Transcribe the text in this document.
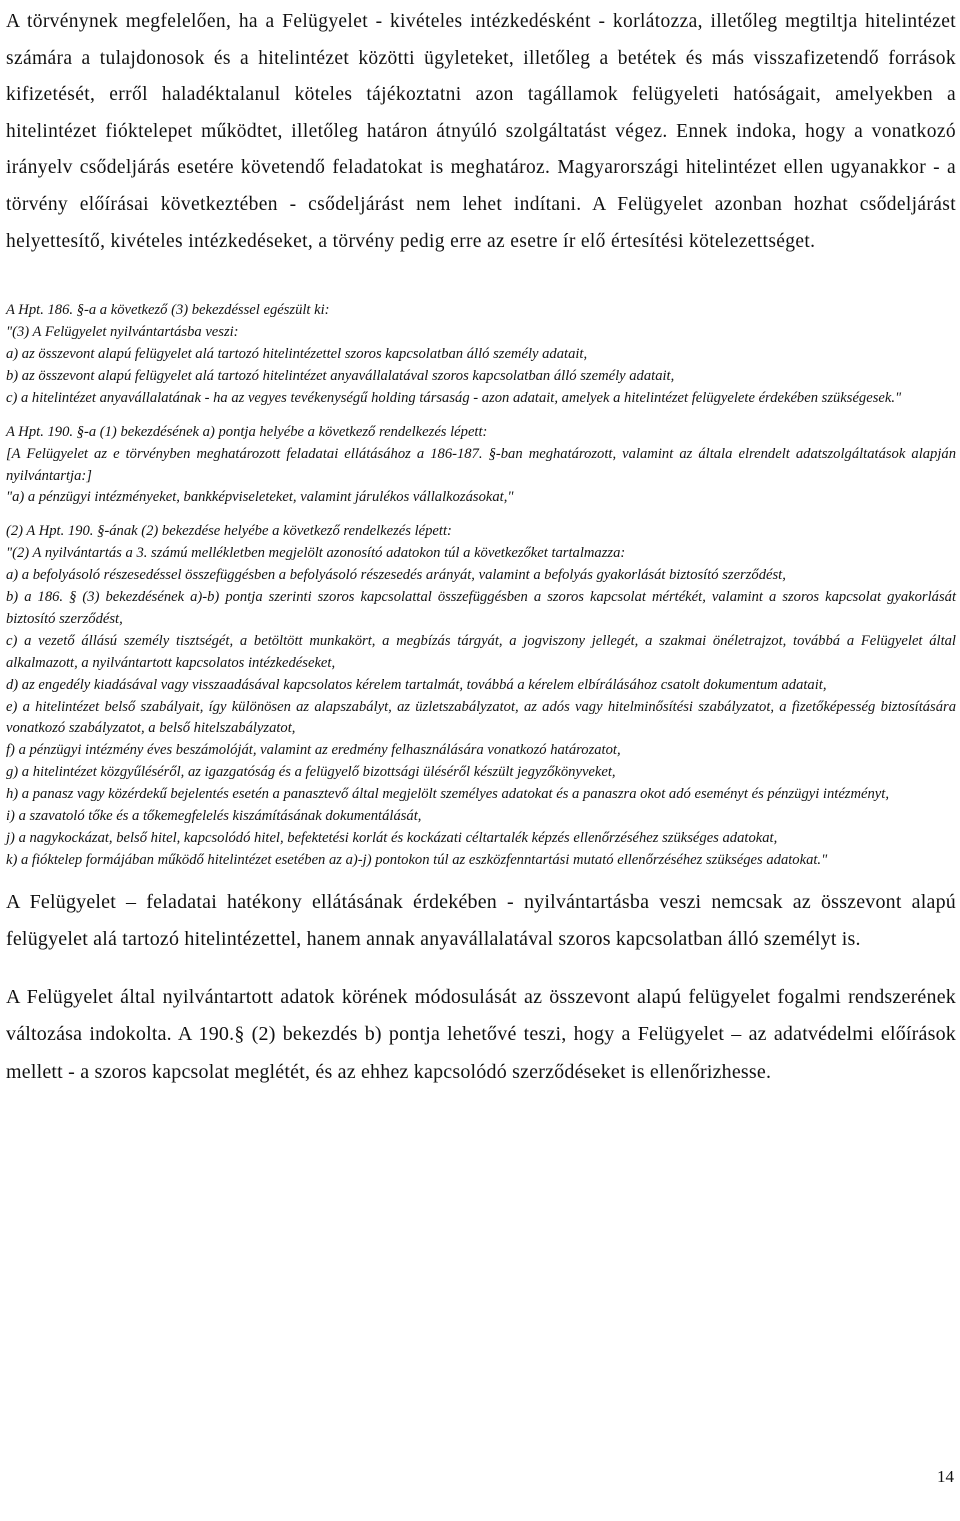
A törvénynek megfelelően, ha a Felügyelet - kivételes intézkedésként - korlátozza, illetőleg megtiltja hitelintézet számára a tulajdonosok és a hitelintézet közötti ügyleteket, illetőleg a betétek és más visszafizetendő források kifizetését, erről haladéktalanul köteles tájékoztatni azon tagállamok felügyeleti hatóságait, amelyekben a hitelintézet fióktelepet működtet, illetőleg határon átnyúló szolgáltatást végez. Ennek indoka, hogy a vonatkozó irányelv csődeljárás esetére követendő feladatokat is meghatároz. Magyarországi hitelintézet ellen ugyanakkor - a törvény előírásai következtében - csődeljárást nem lehet indítani. A Felügyelet azonban hozhat csődeljárást helyettesítő, kivételes intézkedéseket, a törvény pedig erre az esetre ír elő értesítési kötelezettséget.

A Hpt. 186. §-a a következő (3) bekezdéssel egészült ki:

"(3) A Felügyelet nyilvántartásba veszi:

a) az összevont alapú felügyelet alá tartozó hitelintézettel szoros kapcsolatban álló személy adatait,

b) az összevont alapú felügyelet alá tartozó hitelintézet anyavállalatával szoros kapcsolatban álló személy adatait,

c) a hitelintézet anyavállalatának - ha az vegyes tevékenységű holding társaság - azon adatait, amelyek a hitelintézet felügyelete érdekében szükségesek."

A Hpt. 190. §-a (1) bekezdésének a) pontja helyébe a következő rendelkezés lépett:

[A Felügyelet az e törvényben meghatározott feladatai ellátásához a 186-187. §-ban meghatározott, valamint az általa elrendelt adatszolgáltatások alapján nyilvántartja:]

"a) a pénzügyi intézményeket, bankképviseleteket, valamint járulékos vállalkozásokat,"

(2) A Hpt. 190. §-ának (2) bekezdése helyébe a következő rendelkezés lépett:

"(2) A nyilvántartás a 3. számú mellékletben megjelölt azonosító adatokon túl a következőket tartalmazza:

a) a befolyásoló részesedéssel összefüggésben a befolyásoló részesedés arányát, valamint a befolyás gyakorlását biztosító szerződést,

b) a 186. § (3) bekezdésének a)-b) pontja szerinti szoros kapcsolattal összefüggésben a szoros kapcsolat mértékét, valamint a szoros kapcsolat gyakorlását biztosító szerződést,

c) a vezető állású személy tisztségét, a betöltött munkakört, a megbízás tárgyát, a jogviszony jellegét, a szakmai önéletrajzot, továbbá a Felügyelet által alkalmazott, a nyilvántartott kapcsolatos intézkedéseket,

d) az engedély kiadásával vagy visszaadásával kapcsolatos kérelem tartalmát, továbbá a kérelem elbírálásához csatolt dokumentum adatait,

e) a hitelintézet belső szabályait, így különösen az alapszabályt, az üzletszabályzatot, az adós vagy hitelminősítési szabályzatot, a fizetőképesség biztosítására vonatkozó szabályzatot, a belső hitelszabályzatot,

f) a pénzügyi intézmény éves beszámolóját, valamint az eredmény felhasználására vonatkozó határozatot,

g) a hitelintézet közgyűléséről, az igazgatóság és a felügyelő bizottsági üléséről készült jegyzőkönyveket,

h) a panasz vagy közérdekű bejelentés esetén a panasztevő által megjelölt személyes adatokat és a panaszra okot adó eseményt és pénzügyi intézményt,

i) a szavatoló tőke és a tőkemegfelelés kiszámításának dokumentálását,

j) a nagykockázat, belső hitel, kapcsolódó hitel, befektetési korlát és kockázati céltartalék képzés ellenőrzéséhez szükséges adatokat,

k) a fióktelep formájában működő hitelintézet esetében az a)-j) pontokon túl az eszközfenntartási mutató ellenőrzéséhez szükséges adatokat."

A Felügyelet – feladatai hatékony ellátásának érdekében - nyilvántartásba veszi nemcsak az összevont alapú felügyelet alá tartozó hitelintézettel, hanem annak anyavállalatával szoros kapcsolatban álló személyt is.

A Felügyelet által nyilvántartott adatok körének módosulását az összevont alapú felügyelet fogalmi rendszerének változása indokolta. A 190.§ (2) bekezdés b) pontja lehetővé teszi, hogy a Felügyelet – az adatvédelmi előírások mellett - a szoros kapcsolat meglétét, és az ehhez kapcsolódó szerződéseket is ellenőrizhesse.

14
